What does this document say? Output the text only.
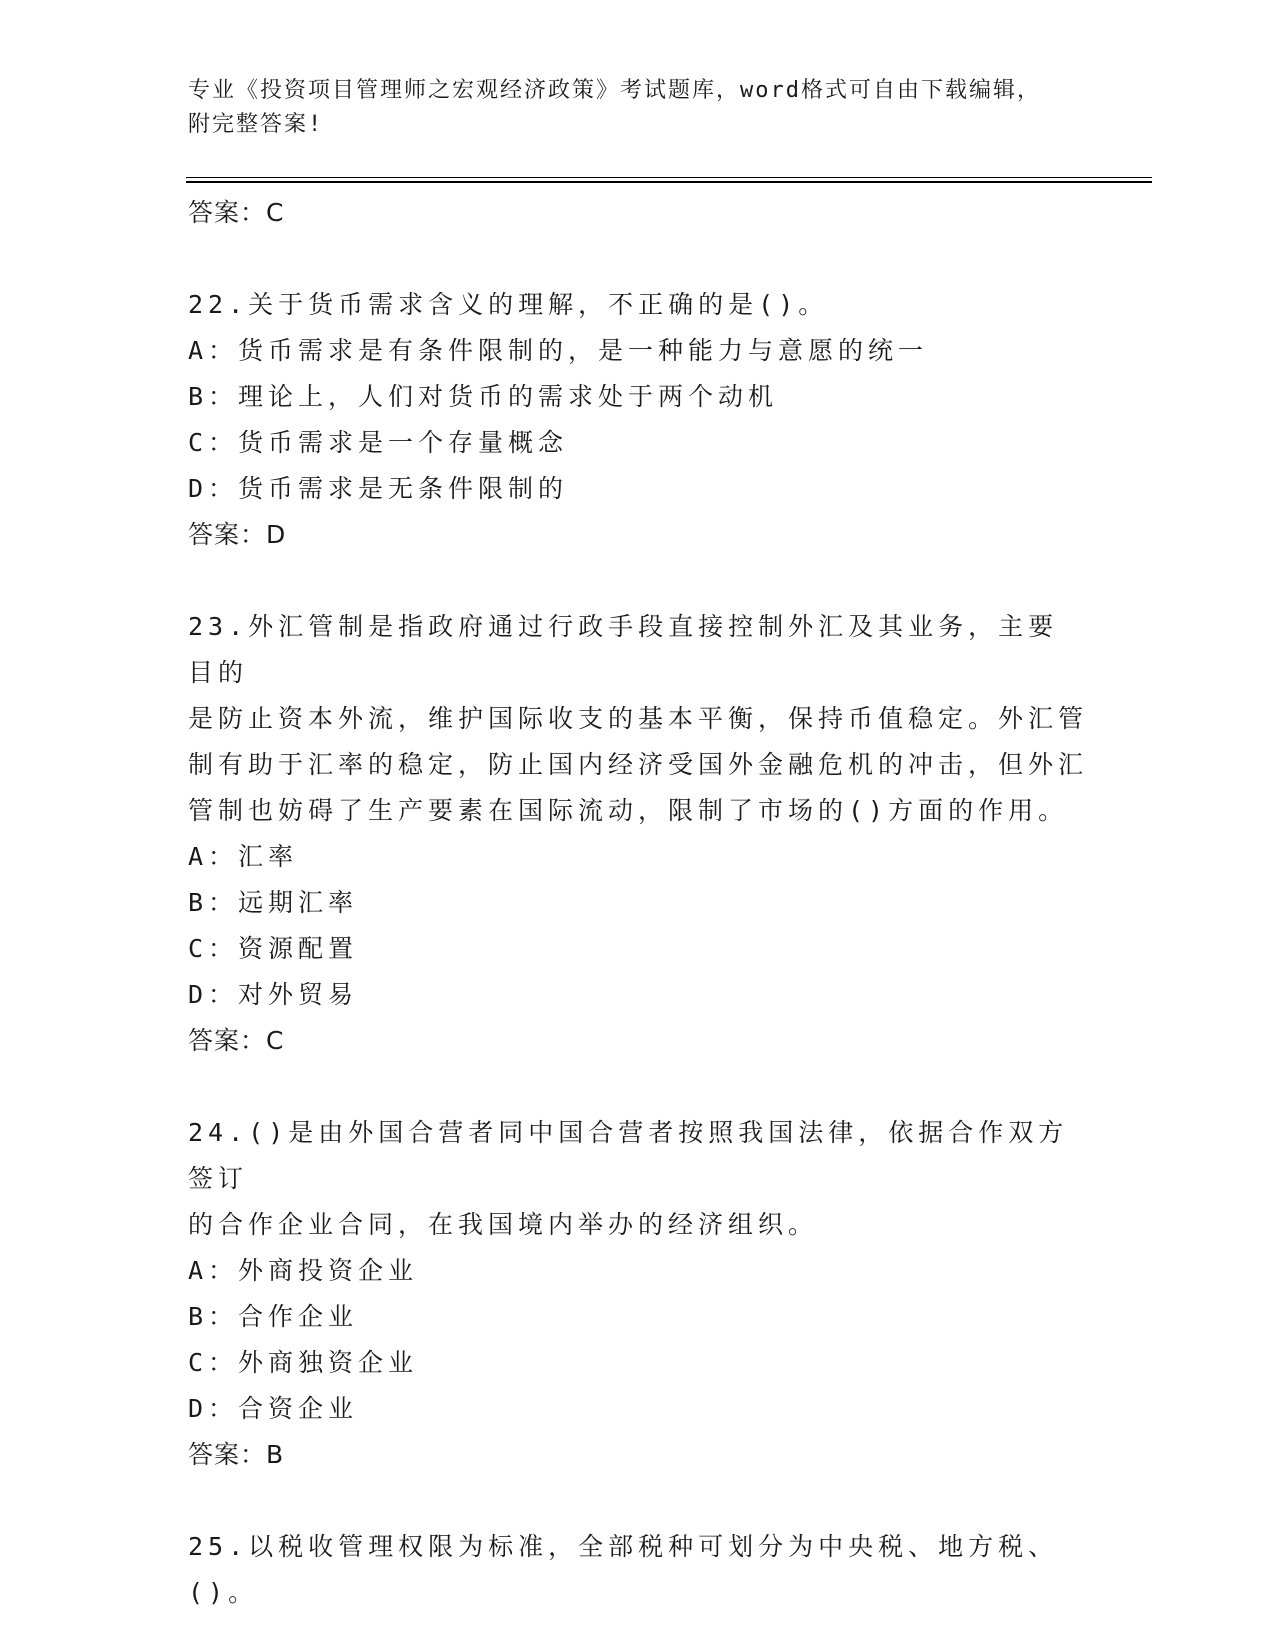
专业《投资项目管理师之宏观经济政策》考试题库，word格式可自由下载编辑，
附完整答案!

答案：C

22.关于货币需求含义的理解，不正确的是()。

A：货币需求是有条件限制的，是一种能力与意愿的统一

B：理论上，人们对货币的需求处于两个动机

C：货币需求是一个存量概念

D：货币需求是无条件限制的

答案：D

23.外汇管制是指政府通过行政手段直接控制外汇及其业务，主要目的

是防止资本外流，维护国际收支的基本平衡，保持币值稳定。外汇管

制有助于汇率的稳定，防止国内经济受国外金融危机的冲击，但外汇

管制也妨碍了生产要素在国际流动，限制了市场的()方面的作用。

A：汇率

B：远期汇率

C：资源配置

D：对外贸易

答案：C

24.()是由外国合营者同中国合营者按照我国法律，依据合作双方签订

的合作企业合同，在我国境内举办的经济组织。

A：外商投资企业

B：合作企业

C：外商独资企业

D：合资企业

答案：B

25.以税收管理权限为标准，全部税种可划分为中央税、地方税、()。
